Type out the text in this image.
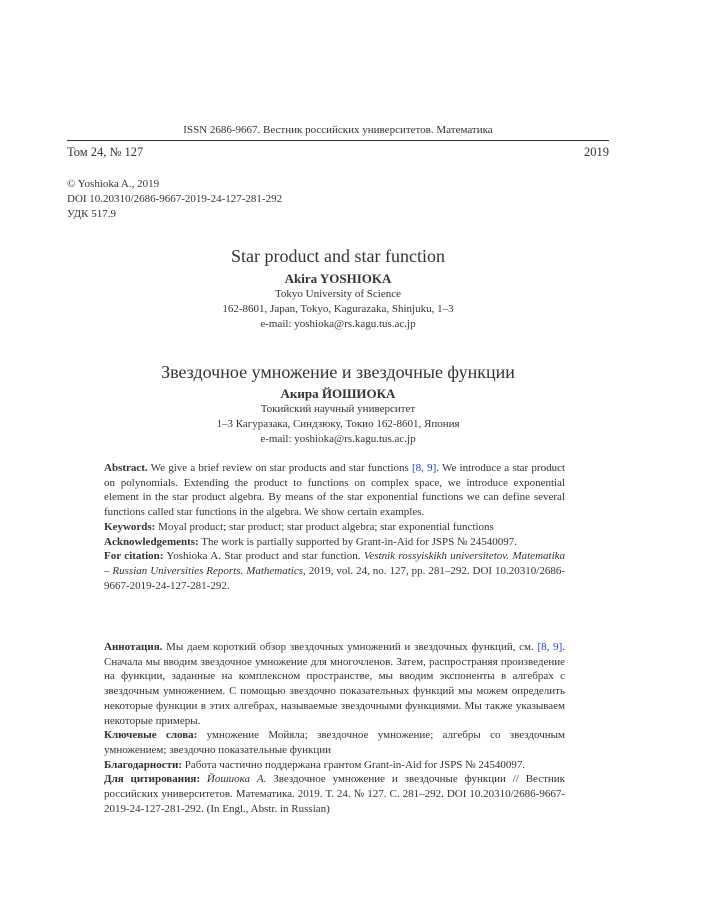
ISSN 2686-9667. Вестник российских университетов. Математика
Том 24, № 127	2019
© Yoshioka A., 2019
DOI 10.20310/2686-9667-2019-24-127-281-292
УДК 517.9
Star product and star function
Akira YOSHIOKA
Tokyo University of Science
162-8601, Japan, Tokyo, Kagurazaka, Shinjuku, 1–3
e-mail: yoshioka@rs.kagu.tus.ac.jp
Звездочное умножение и звездочные функции
Акира ЙОШИОКА
Токийский научный университет
1–3 Кагуразака, Синдзюку, Токио 162-8601, Япония
e-mail: yoshioka@rs.kagu.tus.ac.jp
Abstract. We give a brief review on star products and star functions [8, 9]. We introduce a star product on polynomials. Extending the product to functions on complex space, we introduce exponential element in the star product algebra. By means of the star exponential functions we can define several functions called star functions in the algebra. We show certain examples.
Keywords: Moyal product; star product; star product algebra; star exponential functions
Acknowledgements: The work is partially supported by Grant-in-Aid for JSPS № 24540097.
For citation: Yoshioka A. Star product and star function. Vestnik rossyiskikh universitetov. Matematika – Russian Universities Reports. Mathematics, 2019, vol. 24, no. 127, pp. 281–292. DOI 10.20310/2686-9667-2019-24-127-281-292.
Аннотация. Мы даем короткий обзор звездочных умножений и звездочных функций, см. [8, 9]. Сначала мы вводим звездочное умножение для многочленов. Затем, распространяя произведение на функции, заданные на комплексном пространстве, мы вводим экспоненты в алгебрах с звездочным умножением. С помощью звездочно показательных функций мы можем определить некоторые функции в этих алгебрах, называемые звездочными функциями. Мы также указываем некоторые примеры.
Ключевые слова: умножение Мойяла; звездочное умножение; алгебры со звездочным умножением; звездочно показательные функции
Благодарности: Работа частично поддержана грантом Grant-in-Aid for JSPS № 24540097.
Для цитирования: Йошиока А. Звездочное умножение и звездочные функции // Вестник российских университетов. Математика. 2019. Т. 24. № 127. С. 281–292. DOI 10.20310/2686-9667-2019-24-127-281-292. (In Engl., Abstr. in Russian)
